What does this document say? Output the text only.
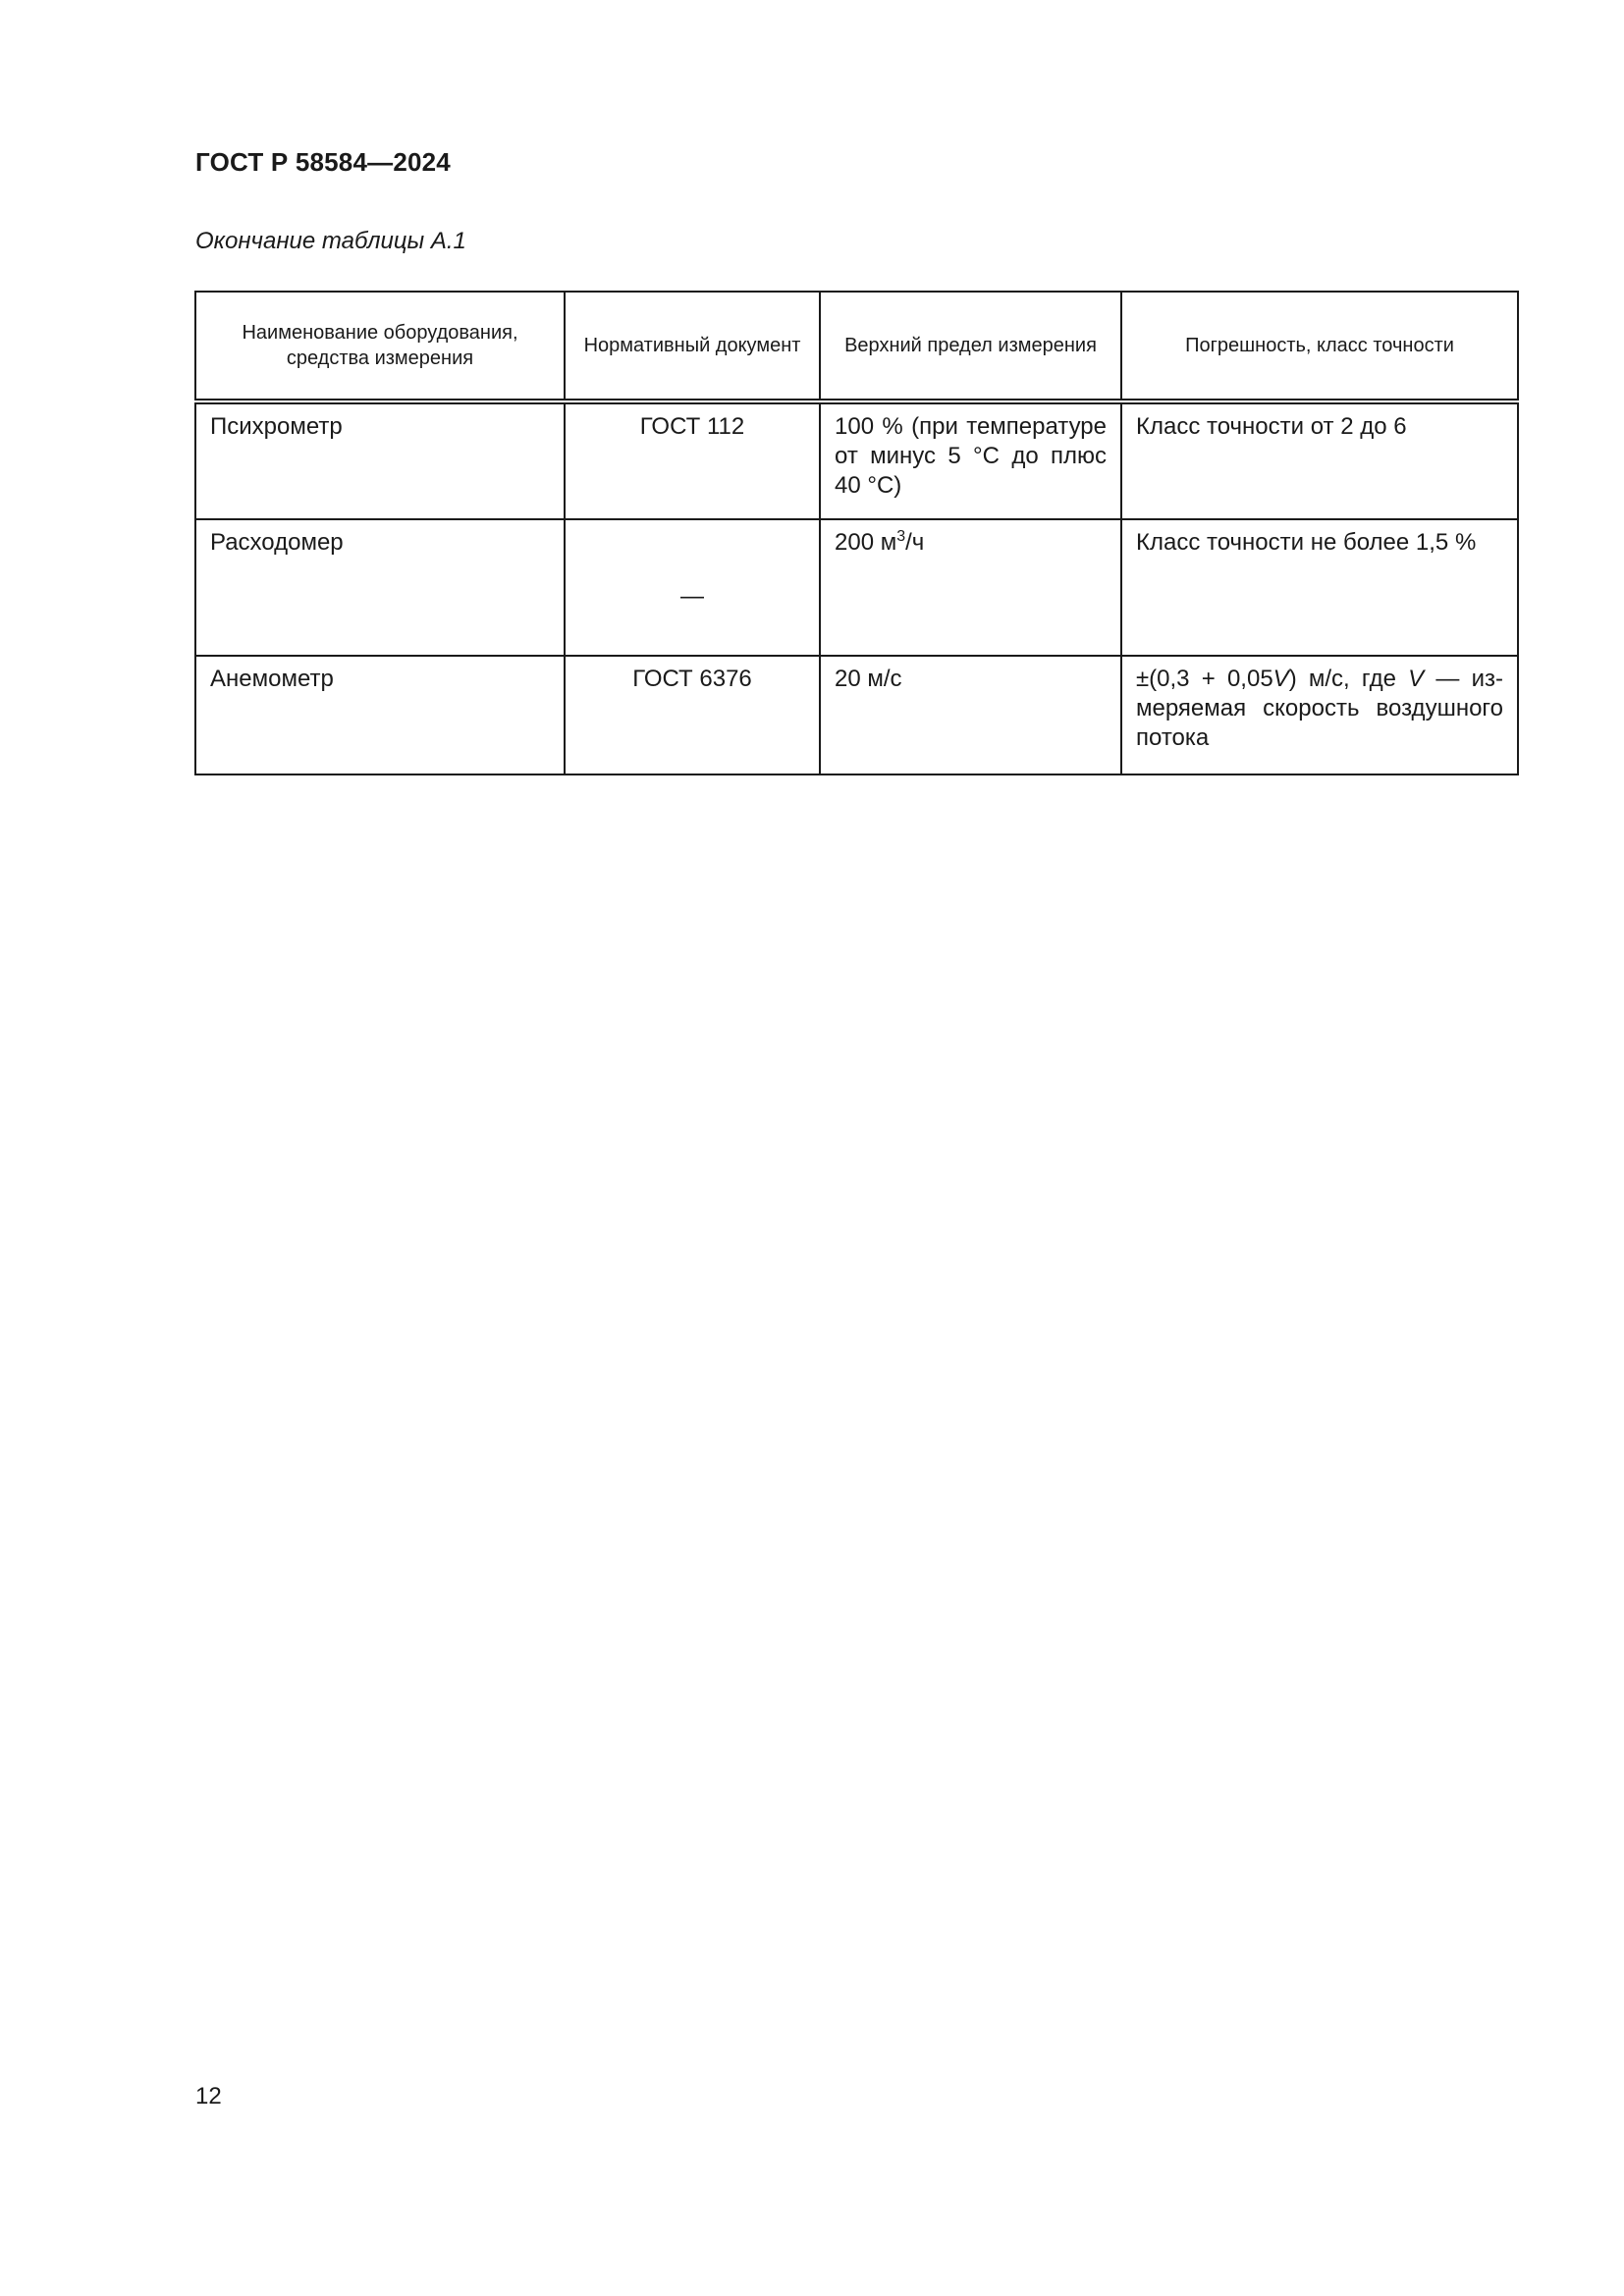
ГОСТ Р 58584—2024
Окончание таблицы А.1
Наименование оборудования, средства измерения	Нормативный документ	Верхний предел измерения	Погрешность, класс точности
Психрометр	ГОСТ 112	100 % (при температуре от минус 5 °С до плюс 40 °С)	Класс точности от 2 до 6
Расходомер	—	200 $м^3/ч$	Класс точности не более 1,5 %
Анемометр	ГОСТ 6376	20 м/с	±(0,3 + 0,05V) м/с, где V — измеряемая скорость воздушного потока
12
